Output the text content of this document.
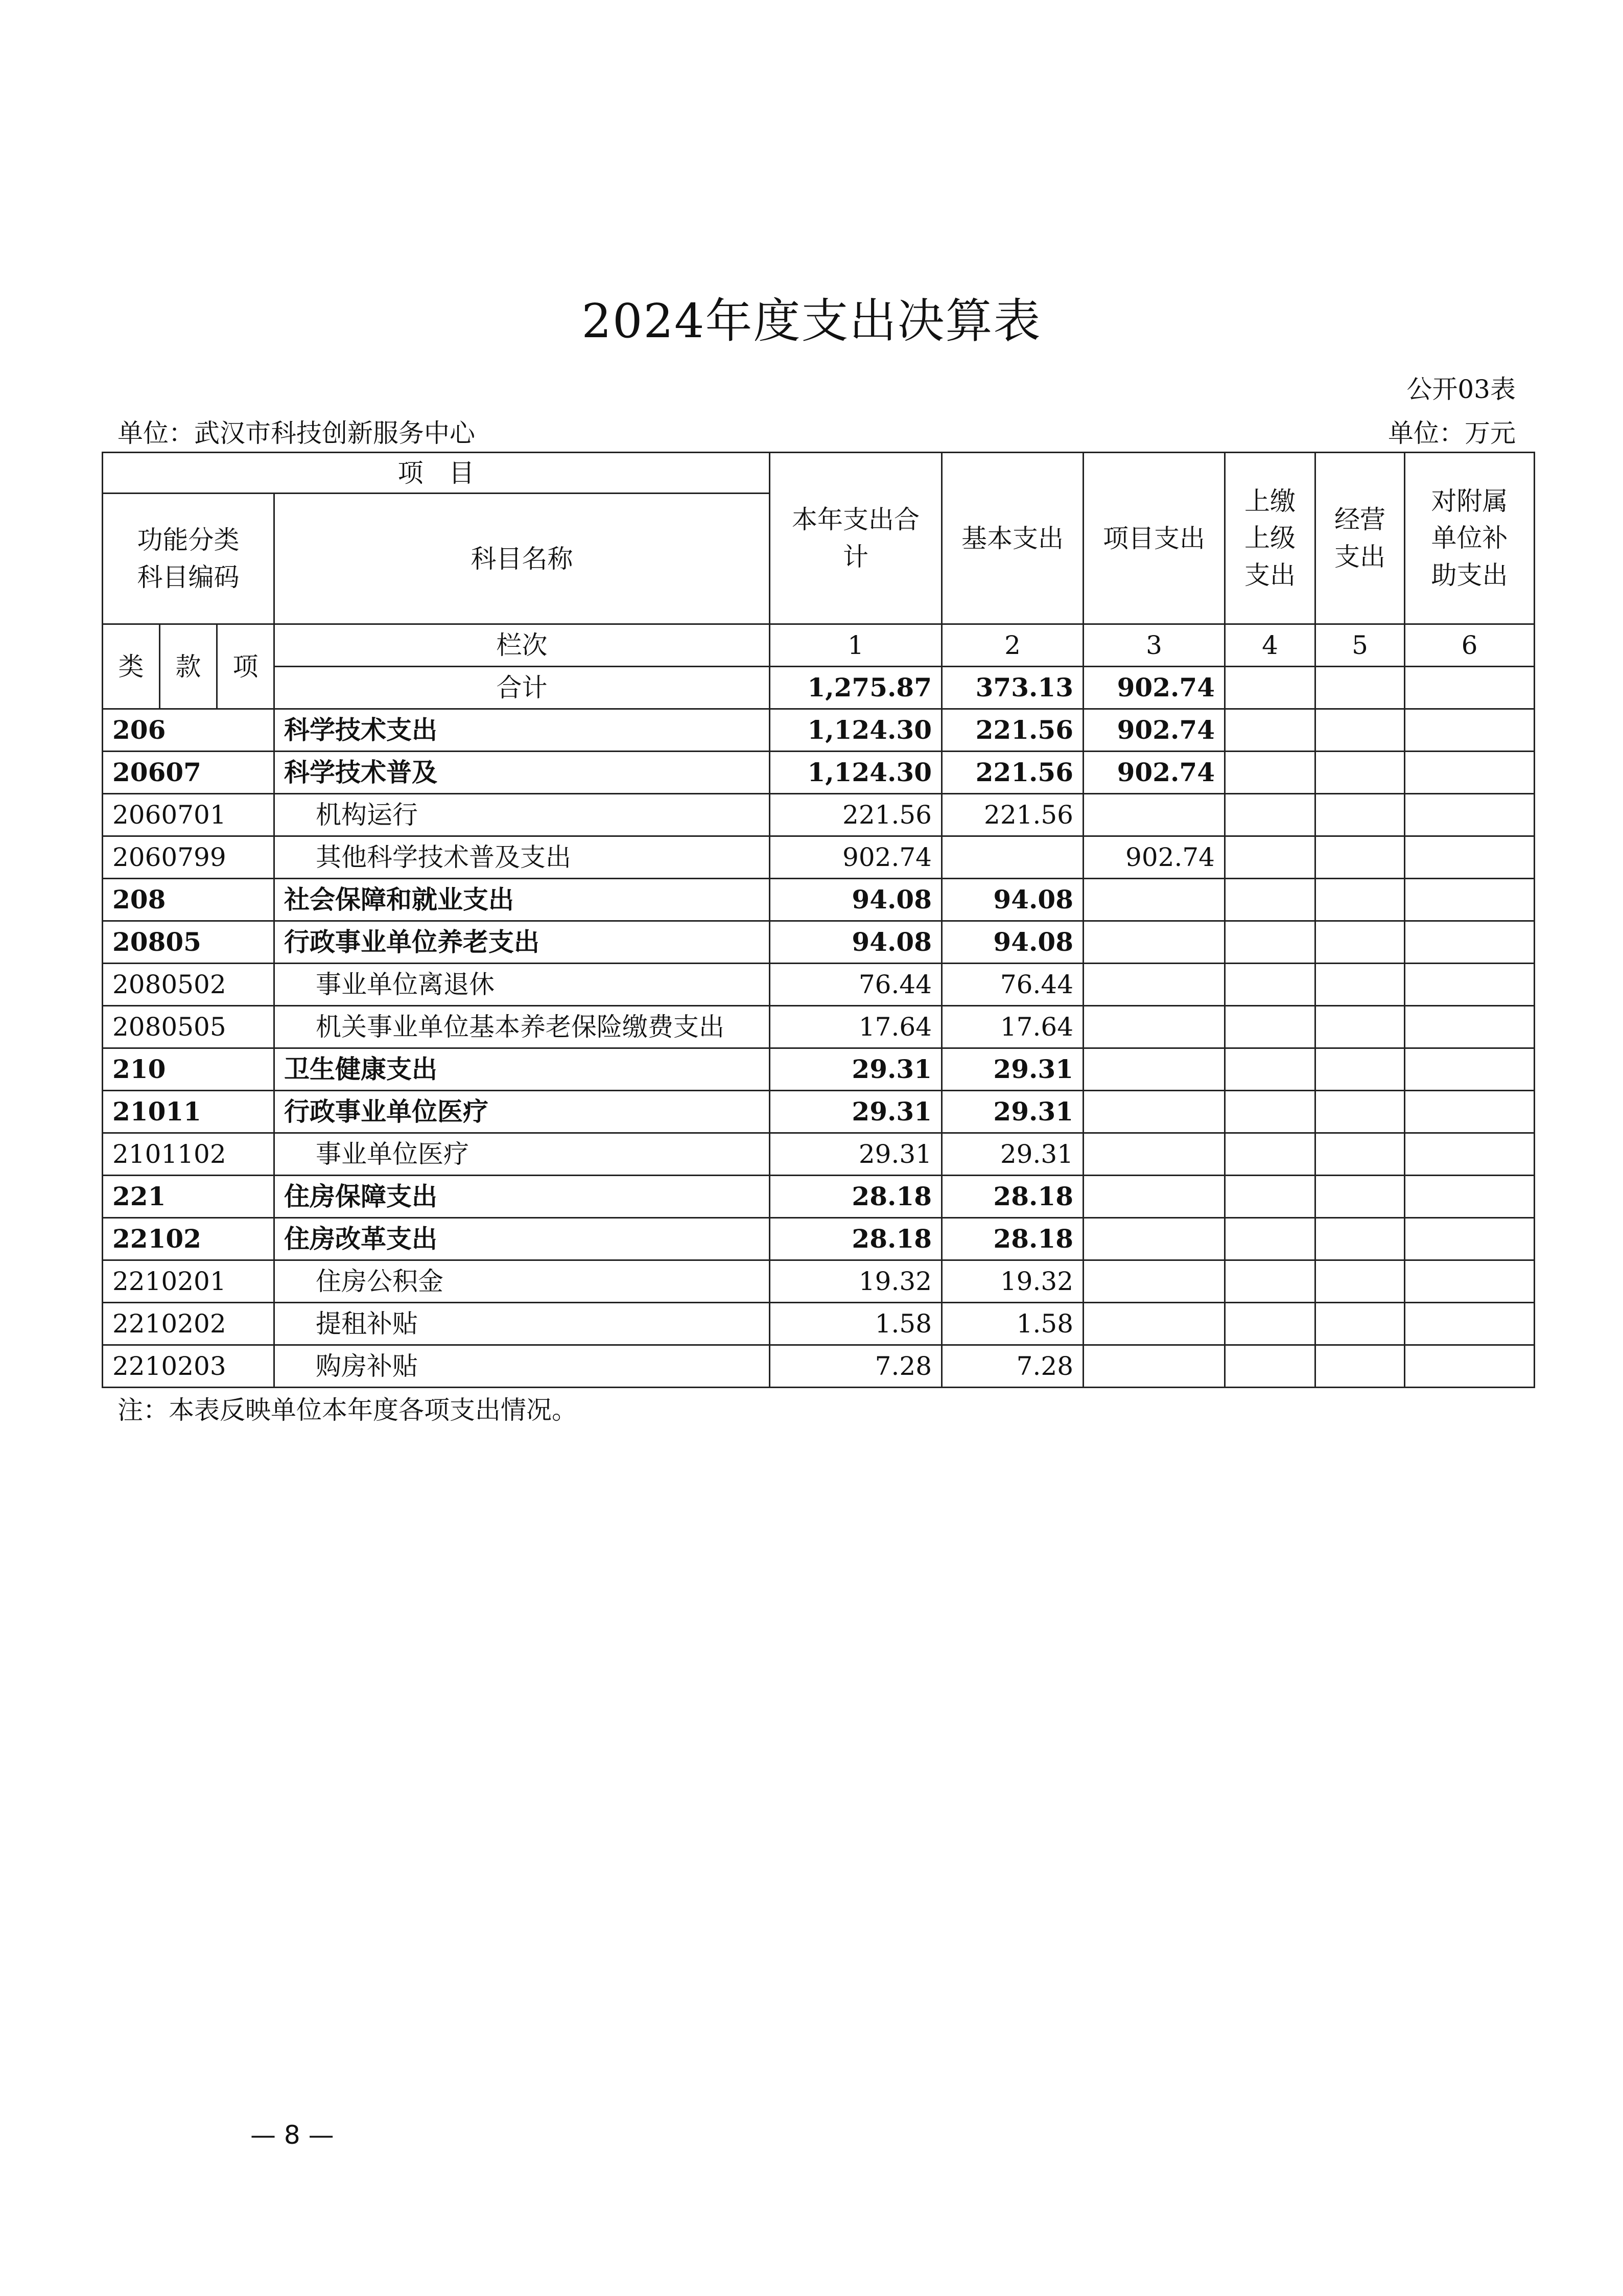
2024年度支出决算表
公开03表
单位：武汉市科技创新服务中心	单位：万元
项　目				本年支出合计	基本支出	项目支出	上缴上级支出	经营支出	对附属单位补助支出
功能分类科目编码			科目名称						
类	款	项	栏次	1	2	3	4	5	6
			合计	1,275.87	373.13	902.74			
206			科学技术支出	1,124.30	221.56	902.74			
20607			科学技术普及	1,124.30	221.56	902.74			
2060701			机构运行	221.56	221.56				
2060799			其他科学技术普及支出	902.74		902.74			
208			社会保障和就业支出	94.08	94.08				
20805			行政事业单位养老支出	94.08	94.08				
2080502			事业单位离退休	76.44	76.44				
2080505			机关事业单位基本养老保险缴费支出	17.64	17.64				
210			卫生健康支出	29.31	29.31				
21011			行政事业单位医疗	29.31	29.31				
2101102			事业单位医疗	29.31	29.31				
221			住房保障支出	28.18	28.18				
22102			住房改革支出	28.18	28.18				
2210201			住房公积金	19.32	19.32				
2210202			提租补贴	1.58	1.58				
2210203			购房补贴	7.28	7.28				
注：本表反映单位本年度各项支出情况。
— 8 —
